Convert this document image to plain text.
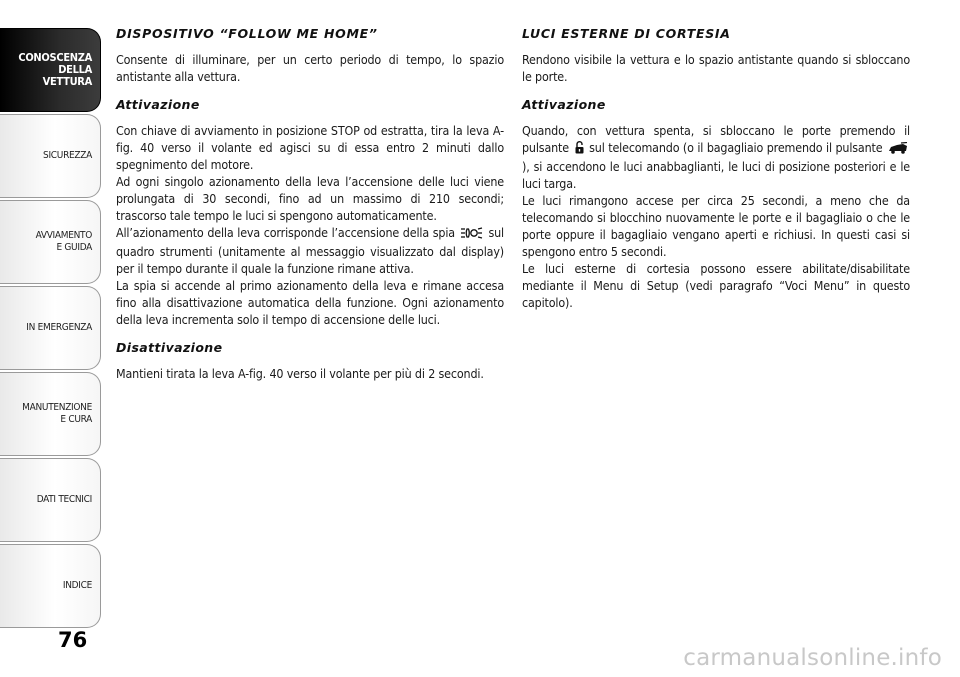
CONOSCENZA
DELLA
VETTURA
SICUREZZA
AVVIAMENTO
E GUIDA
IN EMERGENZA
MANUTENZIONE
E CURA
DATI TECNICI
INDICE
76
DISPOSITIVO “FOLLOW ME HOME”

Consente di illuminare, per un certo periodo di tempo, lo spazio antistante alla vettura.

Attivazione

Con chiave di avviamento in posizione STOP od estratta, tira la leva A-fig. 40 verso il volante ed agisci su di essa entro 2 minuti dallo spegnimento del motore.

Ad ogni singolo azionamento della leva l’accensione delle luci viene prolungata di 30 secondi, fino ad un massimo di 210 secondi; trascorso tale tempo le luci si spengono automaticamente.

All’azionamento della leva corrisponde l’accensione della spia	sul quadro strumenti (unitamente al messaggio visualizzato dal display) per il tempo durante il quale la funzione rimane attiva.

La spia si accende al primo azionamento della leva e rimane accesa fino alla disattivazione automatica della funzione. Ogni azionamento della leva incrementa solo il tempo di accensione delle luci.

Disattivazione

Mantieni tirata la leva A-fig. 40 verso il volante per più di 2 secondi.

LUCI ESTERNE DI CORTESIA

Rendono visibile la vettura e lo spazio antistante quando si sbloccano le porte.

Attivazione

Quando, con vettura spenta, si sbloccano le porte premendo il pulsante sul telecomando (o il bagagliaio premendo il pulsante  ), si accendono le luci anabbaglianti, le luci di posizione posteriori e le luci targa.

Le luci rimangono accese per circa 25 secondi, a meno che da telecomando si blocchino nuovamente le porte e il bagagliaio o che le porte oppure il bagagliaio vengano aperti e richiusi. In questi casi si spengono entro 5 secondi.

Le luci esterne di cortesia possono essere abilitate/disabilitate mediante il Menu di Setup (vedi paragrafo “Voci Menu” in questo capitolo).

carmanualsonline.info
